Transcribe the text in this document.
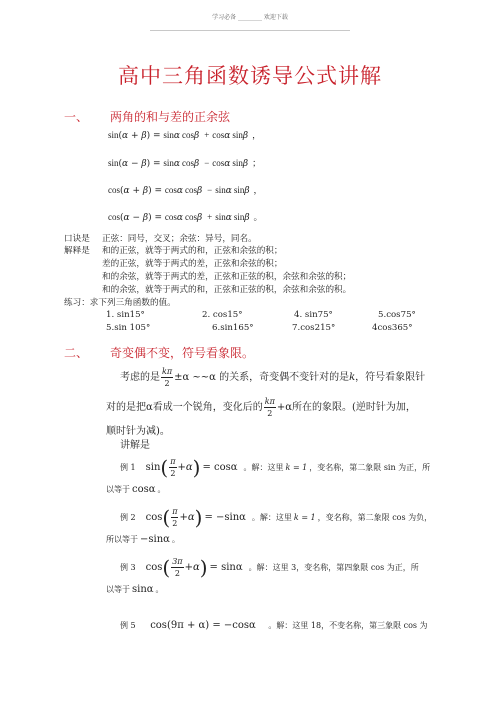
学习必备 ________ 欢迎下载
高中三角函数诱导公式讲解
一、 两角的和与差的正余弦
sin(α + β) = sinα cosβ + cosα sinβ ，
sin(α − β) = sinα cosβ − cosα sinβ ；
cos(α + β) = cosα cosβ − sinα sinβ ，
cos(α − β) = cosα cosβ + sinα sinβ 。
口诀是 正弦：同号，交叉；余弦：异号，同名。
解释是 和的正弦，就等于两式的和，正弦和余弦的积；
差的正弦，就等于两式的差，正弦和余弦的积；
和的余弦，就等于两式的差，正弦和正弦的积，余弦和余弦的积；
和的余弦，就等于两式的和，正弦和正弦的积，余弦和余弦的积。
练习：求下列三角函数的值。
1. sin15°	2. cos15°	4. sin75°	5.cos75°
5.sin 105°	6.sin165°	7.cos215°	4cos365°
二、 奇变偶不变，符号看象限。
考虑的是 $\frac{k\pi}{2} \pm\alpha$ ~~α 的关系，奇变偶不变针对的是k，符号看象限针
对的是把α看成一个锐角，变化后的 $\frac{k\pi}{2} +\alpha$所在的象限。(逆时针为加，
顺时针为减)。
讲解是
例 1 $\sin( \frac{\pi}{2} +\alpha) = \cos\alpha$ 。解：这里 k = 1 ，变名称，第二象限 sin 为正，所
以等于 cosα 。
例 2 $\cos( \frac{\pi}{2} +\alpha) = -\sin\alpha$ 。解：这里 k = 1 ，变名称，第二象限 cos 为负，
所以等于 −sinα 。
例 3 $\cos( \frac{3\pi}{2} +\alpha) = \sin\alpha$ 。解：这里 3，变名称，第四象限 cos 为正，所
以等于 sinα 。
例 5 cos(9π + α) = −cosα 。解：这里 18，不变名称，第三象限 cos 为
